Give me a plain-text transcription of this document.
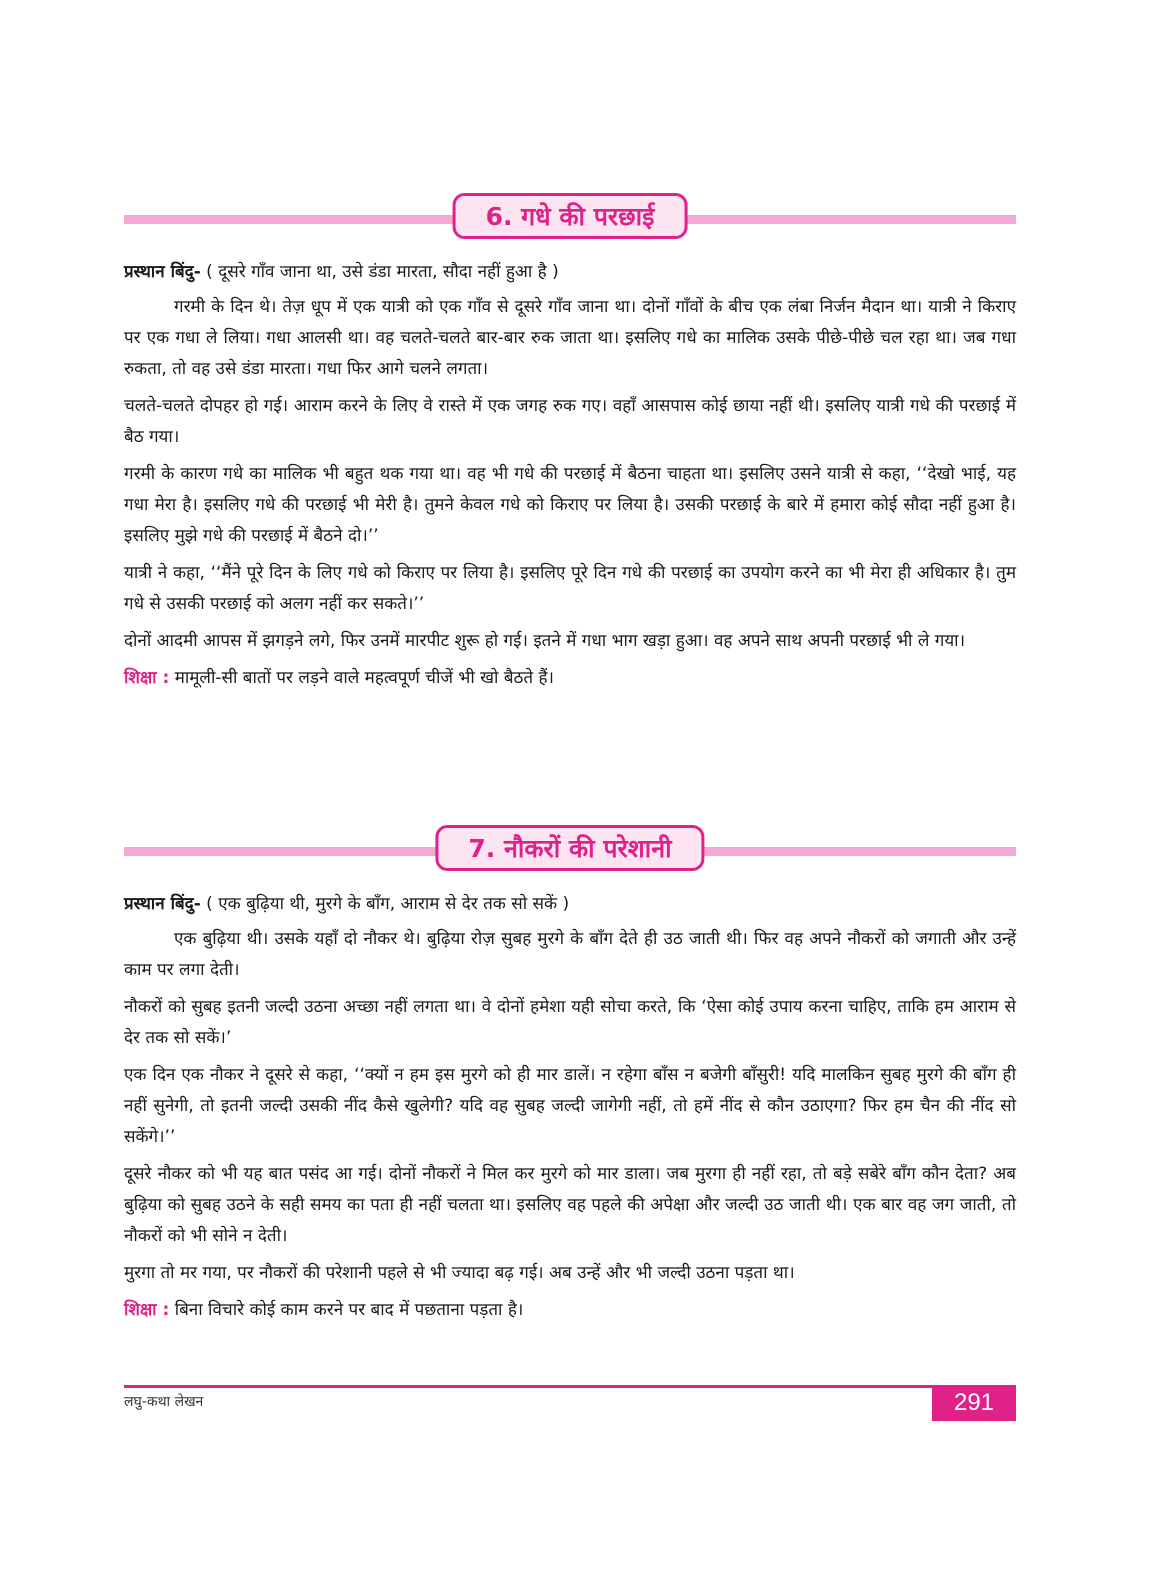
6. गधे की परछाई
प्रस्थान बिंदु- ( दूसरे गाँव जाना था, उसे डंडा मारता, सौदा नहीं हुआ है )

गरमी के दिन थे। तेज़ धूप में एक यात्री को एक गाँव से दूसरे गाँव जाना था। दोनों गाँवों के बीच एक लंबा निर्जन मैदान था। यात्री ने किराए पर एक गधा ले लिया। गधा आलसी था। वह चलते-चलते बार-बार रुक जाता था। इसलिए गधे का मालिक उसके पीछे-पीछे चल रहा था। जब गधा रुकता, तो वह उसे डंडा मारता। गधा फिर आगे चलने लगता।

चलते-चलते दोपहर हो गई। आराम करने के लिए वे रास्ते में एक जगह रुक गए। वहाँ आसपास कोई छाया नहीं थी। इसलिए यात्री गधे की परछाई में बैठ गया।

गरमी के कारण गधे का मालिक भी बहुत थक गया था। वह भी गधे की परछाई में बैठना चाहता था। इसलिए उसने यात्री से कहा, ‘‘देखो भाई, यह गधा मेरा है। इसलिए गधे की परछाई भी मेरी है। तुमने केवल गधे को किराए पर लिया है। उसकी परछाई के बारे में हमारा कोई सौदा नहीं हुआ है। इसलिए मुझे गधे की परछाई में बैठने दो।’’

यात्री ने कहा, ‘‘मैंने पूरे दिन के लिए गधे को किराए पर लिया है। इसलिए पूरे दिन गधे की परछाई का उपयोग करने का भी मेरा ही अधिकार है। तुम गधे से उसकी परछाई को अलग नहीं कर सकते।’’

दोनों आदमी आपस में झगड़ने लगे, फिर उनमें मारपीट शुरू हो गई। इतने में गधा भाग खड़ा हुआ। वह अपने साथ अपनी परछाई भी ले गया।

शिक्षा : मामूली-सी बातों पर लड़ने वाले महत्वपूर्ण चीजें भी खो बैठते हैं।
7. नौकरों की परेशानी
प्रस्थान बिंदु- ( एक बुढ़िया थी, मुरगे के बाँग, आराम से देर तक सो सकें )

एक बुढ़िया थी। उसके यहाँ दो नौकर थे। बुढ़िया रोज़ सुबह मुरगे के बाँग देते ही उठ जाती थी। फिर वह अपने नौकरों को जगाती और उन्हें काम पर लगा देती।

नौकरों को सुबह इतनी जल्दी उठना अच्छा नहीं लगता था। वे दोनों हमेशा यही सोचा करते, कि ‘ऐसा कोई उपाय करना चाहिए, ताकि हम आराम से देर तक सो सकें।’

एक दिन एक नौकर ने दूसरे से कहा, ‘‘क्यों न हम इस मुरगे को ही मार डालें। न रहेगा बाँस न बजेगी बाँसुरी! यदि मालकिन सुबह मुरगे की बाँग ही नहीं सुनेगी, तो इतनी जल्दी उसकी नींद कैसे खुलेगी? यदि वह सुबह जल्दी जागेगी नहीं, तो हमें नींद से कौन उठाएगा? फिर हम चैन की नींद सो सकेंगे।’’

दूसरे नौकर को भी यह बात पसंद आ गई। दोनों नौकरों ने मिल कर मुरगे को मार डाला। जब मुरगा ही नहीं रहा, तो बड़े सबेरे बाँग कौन देता? अब बुढ़िया को सुबह उठने के सही समय का पता ही नहीं चलता था। इसलिए वह पहले की अपेक्षा और जल्दी उठ जाती थी। एक बार वह जग जाती, तो नौकरों को भी सोने न देती।

मुरगा तो मर गया, पर नौकरों की परेशानी पहले से भी ज्यादा बढ़ गई। अब उन्हें और भी जल्दी उठना पड़ता था।

शिक्षा : बिना विचारे कोई काम करने पर बाद में पछताना पड़ता है।
लघु-कथा लेखन	291
